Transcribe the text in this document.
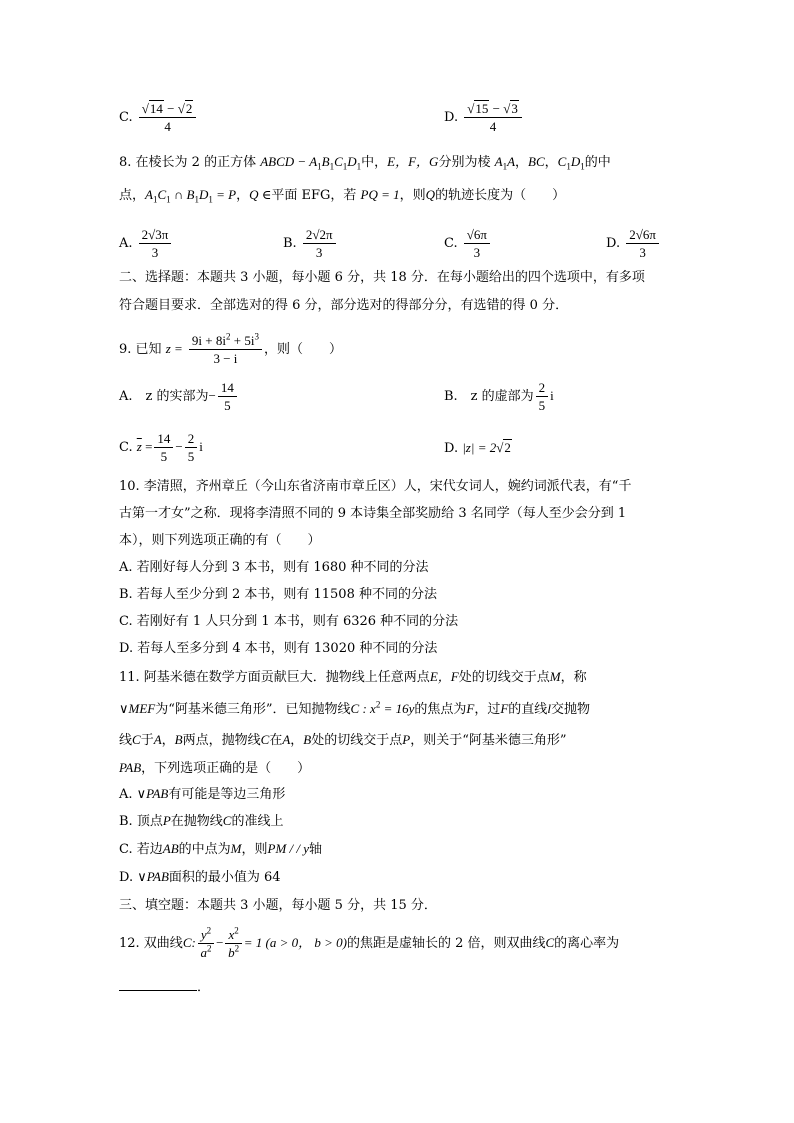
C. $\frac{√14 - √2}{4}$	D. $\frac{√15 - √3}{4}$
8. 在棱长为 2 的正方体 ABCD − $A_1B_1C_1D_1$中，E，F，G分别为棱 $A_1A$，BC，$C_1D_1$的中
点，$A_1C_1$ ∩ $B_1D_1 = P$，Q ∈平面 EFG，若 PQ = 1，则Q的轨迹长度为（　　）
A. $\frac{2√3\pi}{3}$	B. $\frac{2√2\pi}{3}$	C. $\frac{√6\pi}{3}$	D. $\frac{2√6\pi}{3}$
二、选择题：本题共 3 小题，每小题 6 分，共 18 分．在每小题给出的四个选项中，有多项
符合题目要求．全部选对的得 6 分，部分选对的得部分分，有选错的得 0 分．
9. 已知 $z = \frac{9i + 8i^2 + 5i^3}{3 - i}$ ，则（　　）
A.　z 的实部为− $\frac{14}{5}$	B.　z 的虚部为 $\frac{2}{5}$ i
C. $\overline{z} = \frac{14}{5} - \frac{2}{5}$ i	D. |z| = 2√2
10. 李清照，齐州章丘（今山东省济南市章丘区）人，宋代女词人，婉约词派代表，有“千
古第一才女”之称．现将李清照不同的 9 本诗集全部奖励给 3 名同学（每人至少会分到 1
本），则下列选项正确的有（　　）
A. 若刚好每人分到 3 本书，则有 1680 种不同的分法
B. 若每人至少分到 2 本书，则有 11508 种不同的分法
C. 若刚好有 1 人只分到 1 本书，则有 6326 种不同的分法
D. 若每人至多分到 4 本书，则有 13020 种不同的分法
11. 阿基米德在数学方面贡献巨大．抛物线上任意两点E，F处的切线交于点M，称
∨MEF为“阿基米德三角形”．已知抛物线C : $x^2 = 16y$的焦点为F，过F的直线l交抛物
线C于A，B两点，抛物线C在A，B处的切线交于点P，则关于“阿基米德三角形”
PAB，下列选项正确的是（　　）
A. ∨PAB有可能是等边三角形
B. 顶点P在抛物线C的准线上
C. 若边AB的中点为M，则PM / / y轴
D. ∨PAB面积的最小值为 64
三、填空题：本题共 3 小题，每小题 5 分，共 15 分．
12. 双曲线C: $\frac{y^2}{a^2} - \frac{x^2}{b^2} = 1$ (a > 0， b > 0)的焦距是虚轴长的 2 倍，则双曲线C的离心率为
．
